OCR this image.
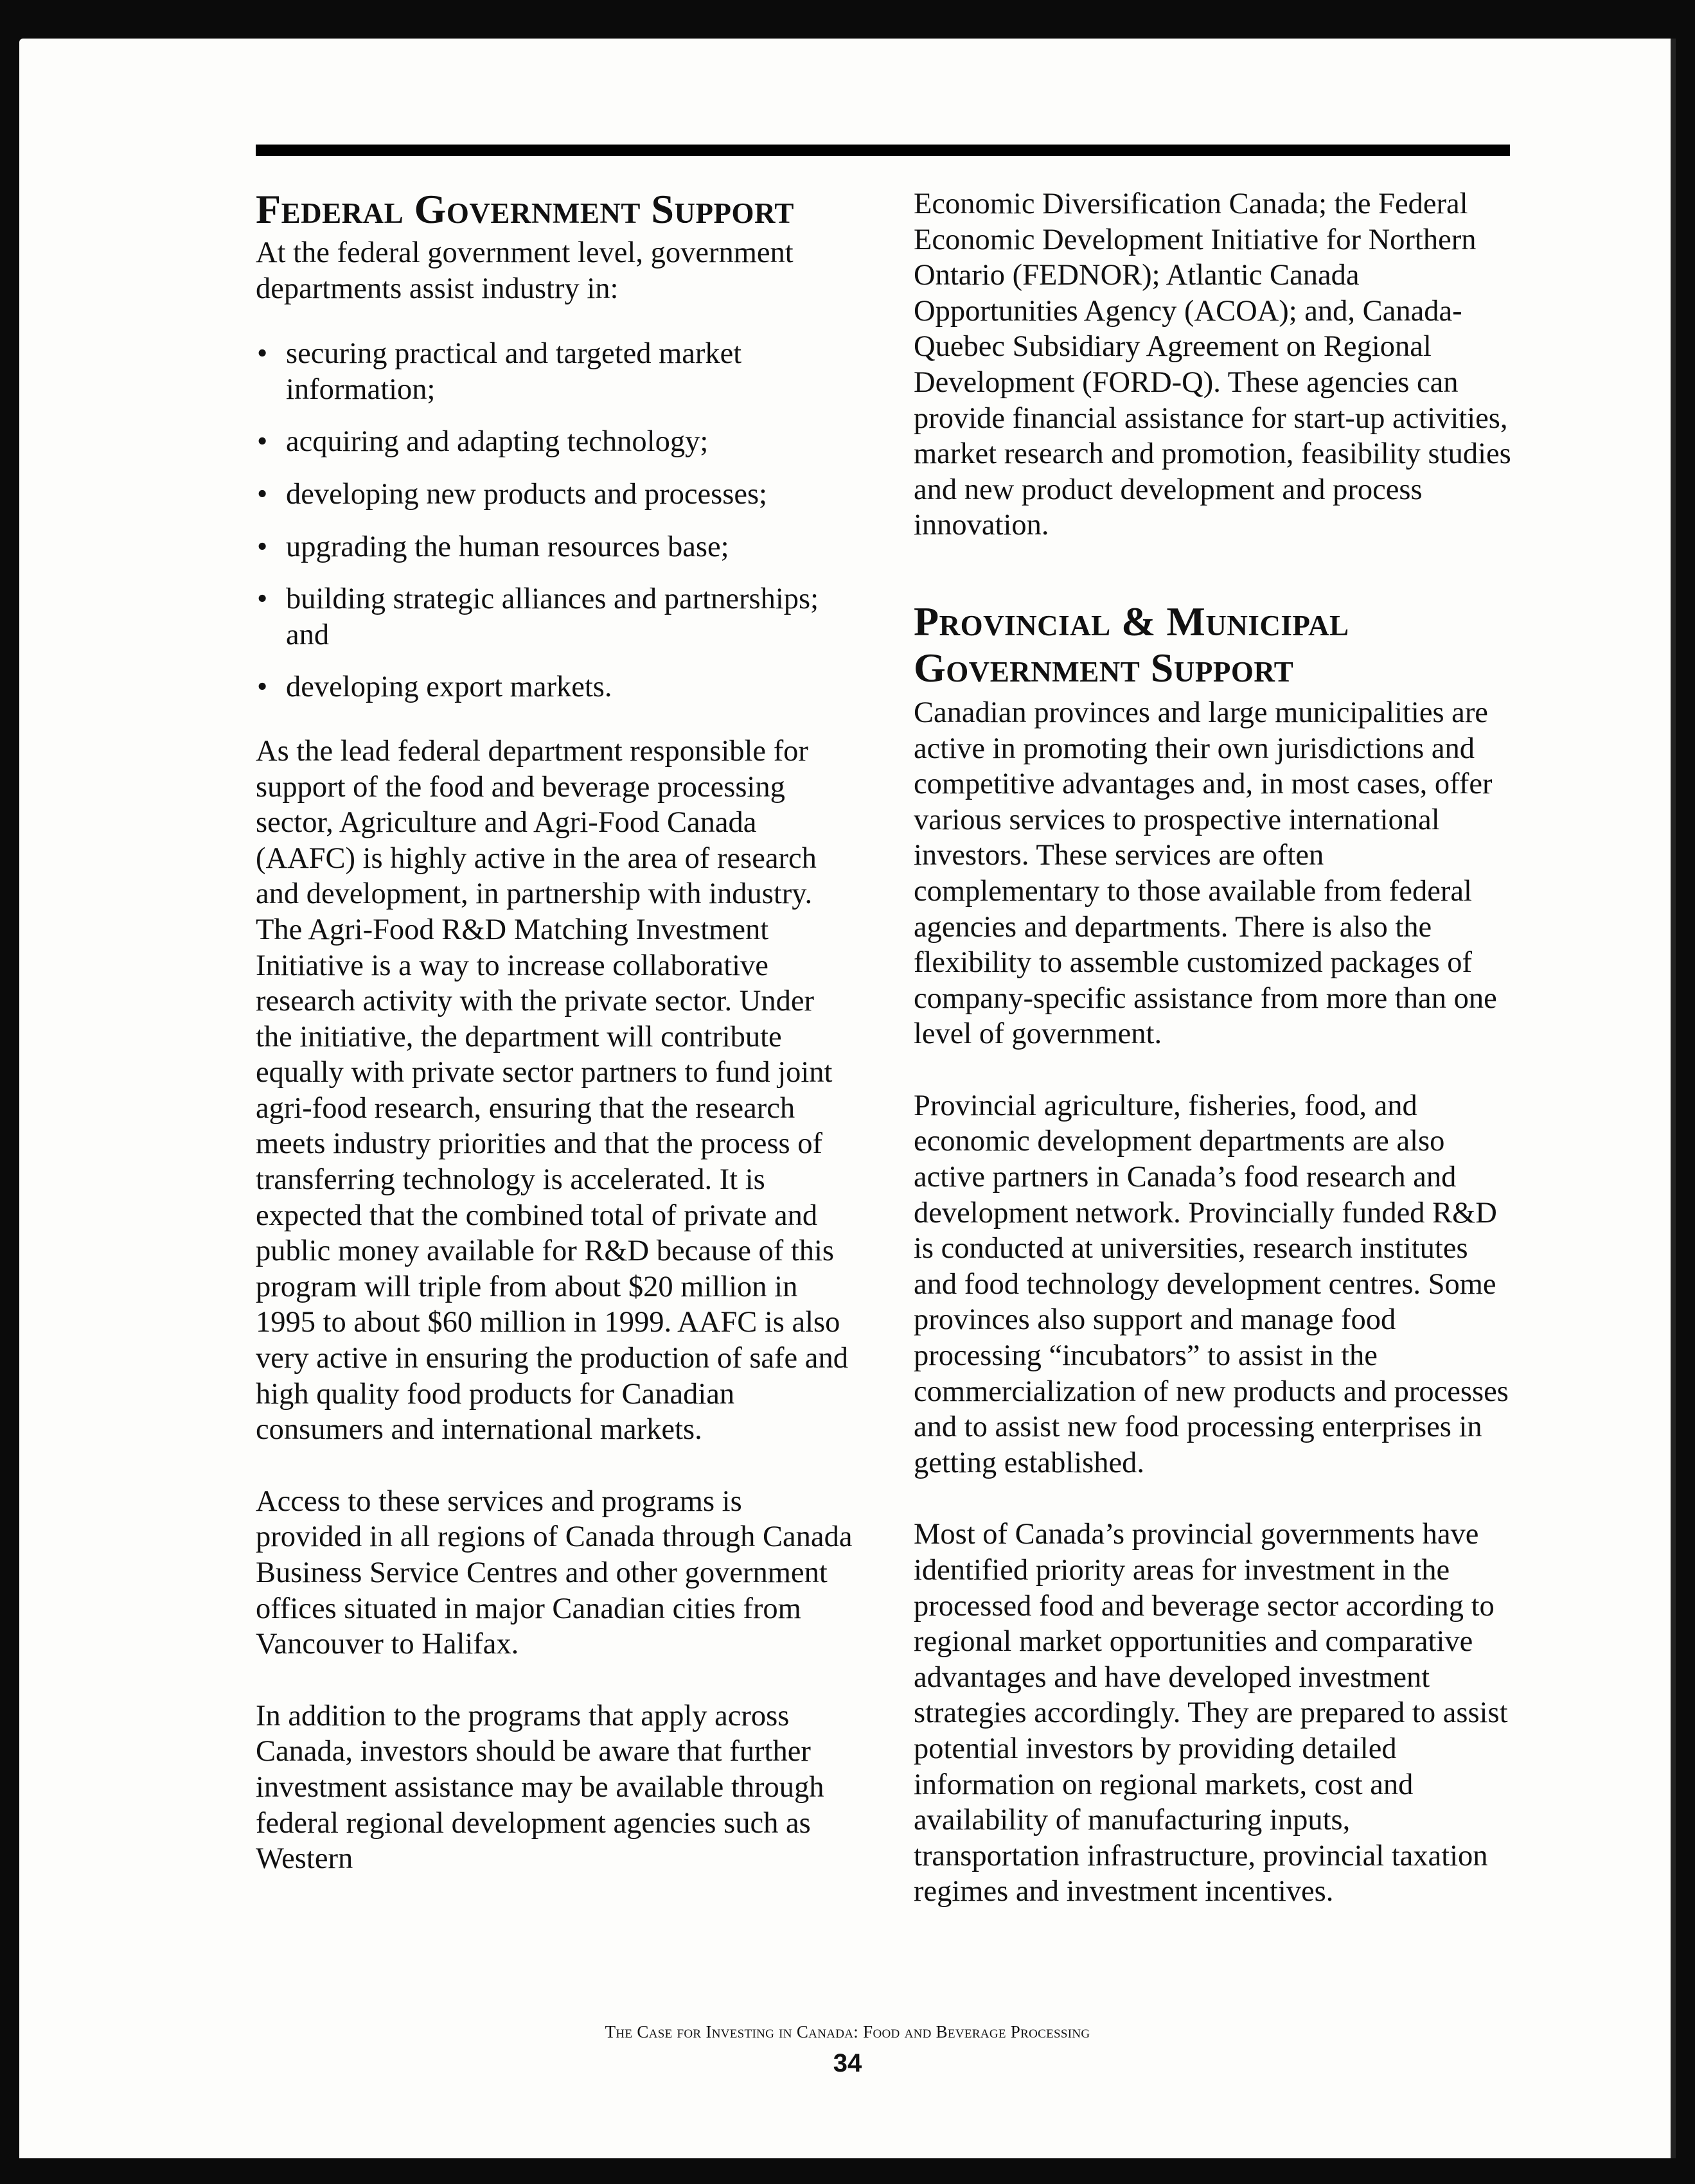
Federal Government Support

At the federal government level, government departments assist industry in:

• securing practical and targeted market information;
• acquiring and adapting technology;
• developing new products and processes;
• upgrading the human resources base;
• building strategic alliances and partnerships; and
• developing export markets.

As the lead federal department responsible for support of the food and beverage processing sector, Agriculture and Agri-Food Canada (AAFC) is highly active in the area of research and development, in partnership with industry. The Agri-Food R&D Matching Investment Initiative is a way to increase collaborative research activity with the private sector. Under the initiative, the department will contribute equally with private sector partners to fund joint agri-food research, ensuring that the research meets industry priorities and that the process of transferring technology is accelerated. It is expected that the combined total of private and public money available for R&D because of this program will triple from about $20 million in 1995 to about $60 million in 1999. AAFC is also very active in ensuring the production of safe and high quality food products for Canadian consumers and international markets.

Access to these services and programs is provided in all regions of Canada through Canada Business Service Centres and other government offices situated in major Canadian cities from Vancouver to Halifax.

In addition to the programs that apply across Canada, investors should be aware that further investment assistance may be available through federal regional development agencies such as Western

Economic Diversification Canada; the Federal Economic Development Initiative for Northern Ontario (FEDNOR); Atlantic Canada Opportunities Agency (ACOA); and, Canada-Quebec Subsidiary Agreement on Regional Development (FORD-Q). These agencies can provide financial assistance for start-up activities, market research and promotion, feasibility studies and new product development and process innovation.

Provincial & Municipal Government Support

Canadian provinces and large municipalities are active in promoting their own jurisdictions and competitive advantages and, in most cases, offer various services to prospective international investors. These services are often complementary to those available from federal agencies and departments. There is also the flexibility to assemble customized packages of company-specific assistance from more than one level of government.

Provincial agriculture, fisheries, food, and economic development departments are also active partners in Canada’s food research and development network. Provincially funded R&D is conducted at universities, research institutes and food technology development centres. Some provinces also support and manage food processing “incubators” to assist in the commercialization of new products and processes and to assist new food processing enterprises in getting established.

Most of Canada’s provincial governments have identified priority areas for investment in the processed food and beverage sector according to regional market opportunities and comparative advantages and have developed investment strategies accordingly. They are prepared to assist potential investors by providing detailed information on regional markets, cost and availability of manufacturing inputs, transportation infrastructure, provincial taxation regimes and investment incentives.

The Case for Investing in Canada: Food and Beverage Processing
34
